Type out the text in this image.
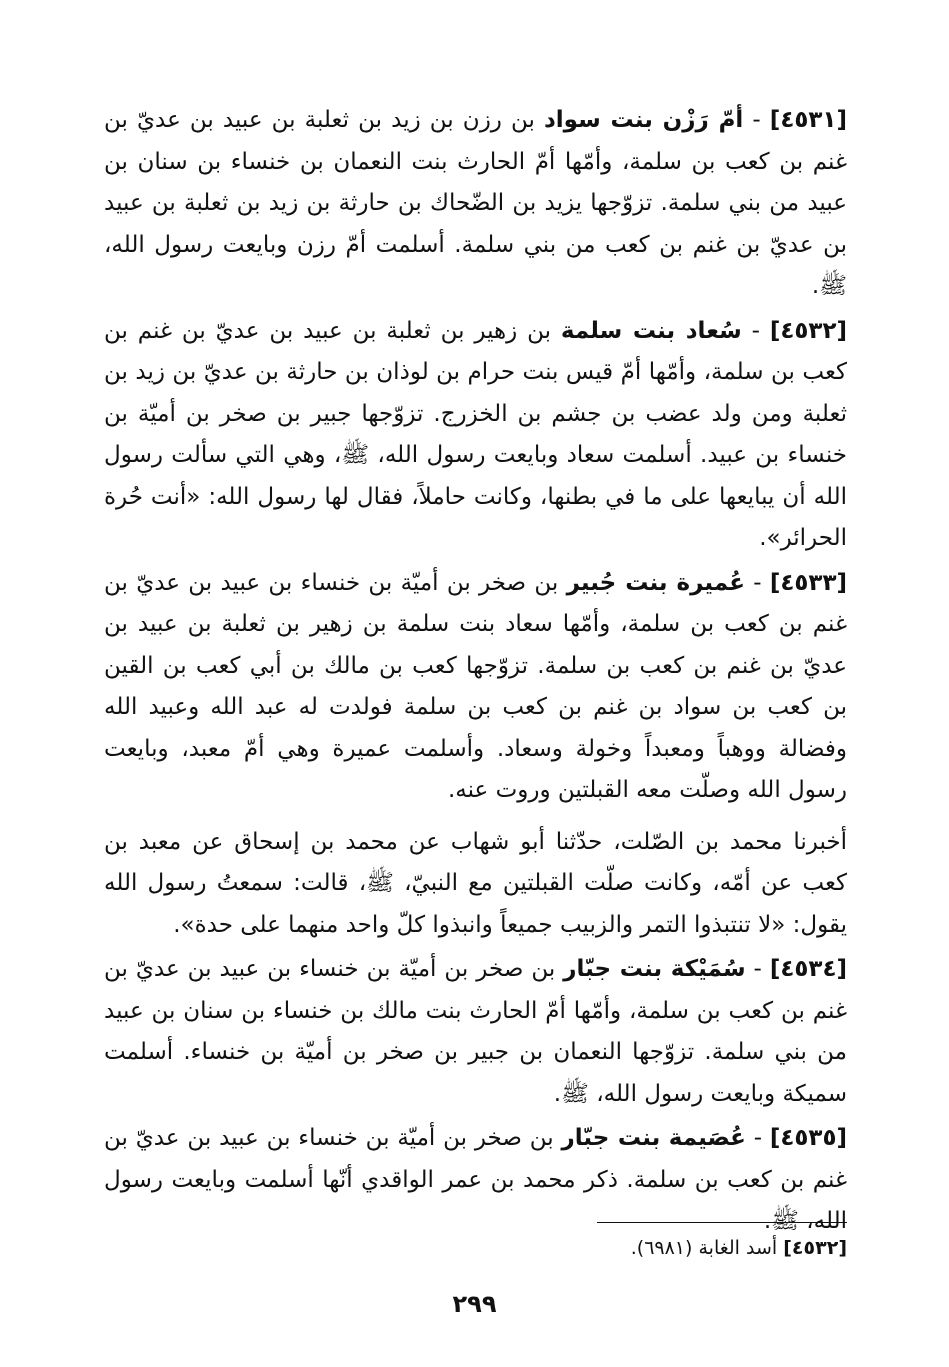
[٤٥٣١] - أمّ رَزْن بنت سواد بن رزن بن زيد بن ثعلبة بن عبيد بن عديّ بن غنم بن كعب بن سلمة، وأمّها أمّ الحارث بنت النعمان بن خنساء بن سنان بن عبيد من بني سلمة. تزوّجها يزيد بن الضّحاك بن حارثة بن زيد بن ثعلبة بن عبيد بن عديّ بن غنم بن كعب من بني سلمة. أسلمت أمّ رزن وبايعت رسول الله، ﷺ.

[٤٥٣٢] - سُعاد بنت سلمة بن زهير بن ثعلبة بن عبيد بن عديّ بن غنم بن كعب بن سلمة، وأمّها أمّ قيس بنت حرام بن لوذان بن حارثة بن عديّ بن زيد بن ثعلبة ومن ولد عضب بن جشم بن الخزرج. تزوّجها جبير بن صخر بن أميّة بن خنساء بن عبيد. أسلمت سعاد وبايعت رسول الله، ﷺ، وهي التي سألت رسول الله أن يبايعها على ما في بطنها، وكانت حاملاً، فقال لها رسول الله: «أنت حُرة الحرائر».

[٤٥٣٣] - عُميرة بنت جُبير بن صخر بن أميّة بن خنساء بن عبيد بن عديّ بن غنم بن كعب بن سلمة، وأمّها سعاد بنت سلمة بن زهير بن ثعلبة بن عبيد بن عديّ بن غنم بن كعب بن سلمة. تزوّجها كعب بن مالك بن أبي كعب بن القين بن كعب بن سواد بن غنم بن كعب بن سلمة فولدت له عبد الله وعبيد الله وفضالة ووهباً ومعبداً وخولة وسعاد. وأسلمت عميرة وهي أمّ معبد، وبايعت رسول الله وصلّت معه القبلتين وروت عنه.

أخبرنا محمد بن الصّلت، حدّثنا أبو شهاب عن محمد بن إسحاق عن معبد بن كعب عن أمّه، وكانت صلّت القبلتين مع النبيّ، ﷺ، قالت: سمعتُ رسول الله يقول: «لا تنتبذوا التمر والزبيب جميعاً وانبذوا كلّ واحد منهما على حدة».

[٤٥٣٤] - سُمَيْكة بنت جبّار بن صخر بن أميّة بن خنساء بن عبيد بن عديّ بن غنم بن كعب بن سلمة، وأمّها أمّ الحارث بنت مالك بن خنساء بن سنان بن عبيد من بني سلمة. تزوّجها النعمان بن جبير بن صخر بن أميّة بن خنساء. أسلمت سميكة وبايعت رسول الله، ﷺ.

[٤٥٣٥] - عُصَيمة بنت جبّار بن صخر بن أميّة بن خنساء بن عبيد بن عديّ بن غنم بن كعب بن سلمة. ذكر محمد بن عمر الواقدي أنّها أسلمت وبايعت رسول الله، ﷺ.

[٤٥٣٢] أسد الغابة (٦٩٨١).
٢٩٩
